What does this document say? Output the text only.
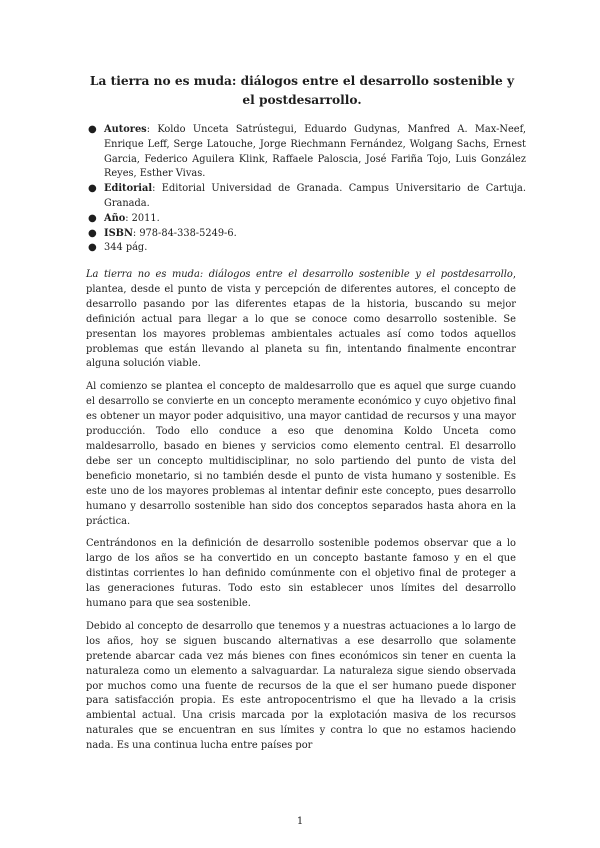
La tierra no es muda: diálogos entre el desarrollo sostenible y el postdesarrollo.
● Autores: Koldo Unceta Satrústegui, Eduardo Gudynas, Manfred A. Max-Neef, Enrique Leff, Serge Latouche, Jorge Riechmann Fernández, Wolgang Sachs, Ernest Garcia, Federico Aguilera Klink, Raffaele Paloscia, José Fariña Tojo, Luis González Reyes, Esther Vivas.
● Editorial: Editorial Universidad de Granada. Campus Universitario de Cartuja. Granada.
● Año: 2011.
● ISBN: 978-84-338-5249-6.
● 344 pág.

La tierra no es muda: diálogos entre el desarrollo sostenible y el postdesarrollo, plantea, desde el punto de vista y percepción de diferentes autores, el concepto de desarrollo pasando por las diferentes etapas de la historia, buscando su mejor definición actual para llegar a lo que se conoce como desarrollo sostenible. Se presentan los mayores problemas ambientales actuales así como todos aquellos problemas que están llevando al planeta su fin, intentando finalmente encontrar alguna solución viable.

Al comienzo se plantea el concepto de maldesarrollo que es aquel que surge cuando el desarrollo se convierte en un concepto meramente económico y cuyo objetivo final es obtener un mayor poder adquisitivo, una mayor cantidad de recursos y una mayor producción. Todo ello conduce a eso que denomina Koldo Unceta como maldesarrollo, basado en bienes y servicios como elemento central. El desarrollo debe ser un concepto multidisciplinar, no solo partiendo del punto de vista del beneficio monetario, si no también desde el punto de vista humano y sostenible. Es este uno de los mayores problemas al intentar definir este concepto, pues desarrollo humano y desarrollo sostenible han sido dos conceptos separados hasta ahora en la práctica.

Centrándonos en la definición de desarrollo sostenible podemos observar que a lo largo de los años se ha convertido en un concepto bastante famoso y en el que distintas corrientes lo han definido comúnmente con el objetivo final de proteger a las generaciones futuras. Todo esto sin establecer unos límites del desarrollo humano para que sea sostenible.

Debido al concepto de desarrollo que tenemos y a nuestras actuaciones a lo largo de los años, hoy se siguen buscando alternativas a ese desarrollo que solamente pretende abarcar cada vez más bienes con fines económicos sin tener en cuenta la naturaleza como un elemento a salvaguardar. La naturaleza sigue siendo observada por muchos como una fuente de recursos de la que el ser humano puede disponer para satisfacción propia. Es este antropocentrismo el que ha llevado a la crisis ambiental actual. Una crisis marcada por la explotación masiva de los recursos naturales que se encuentran en sus límites y contra lo que no estamos haciendo nada. Es una continua lucha entre países por

1
